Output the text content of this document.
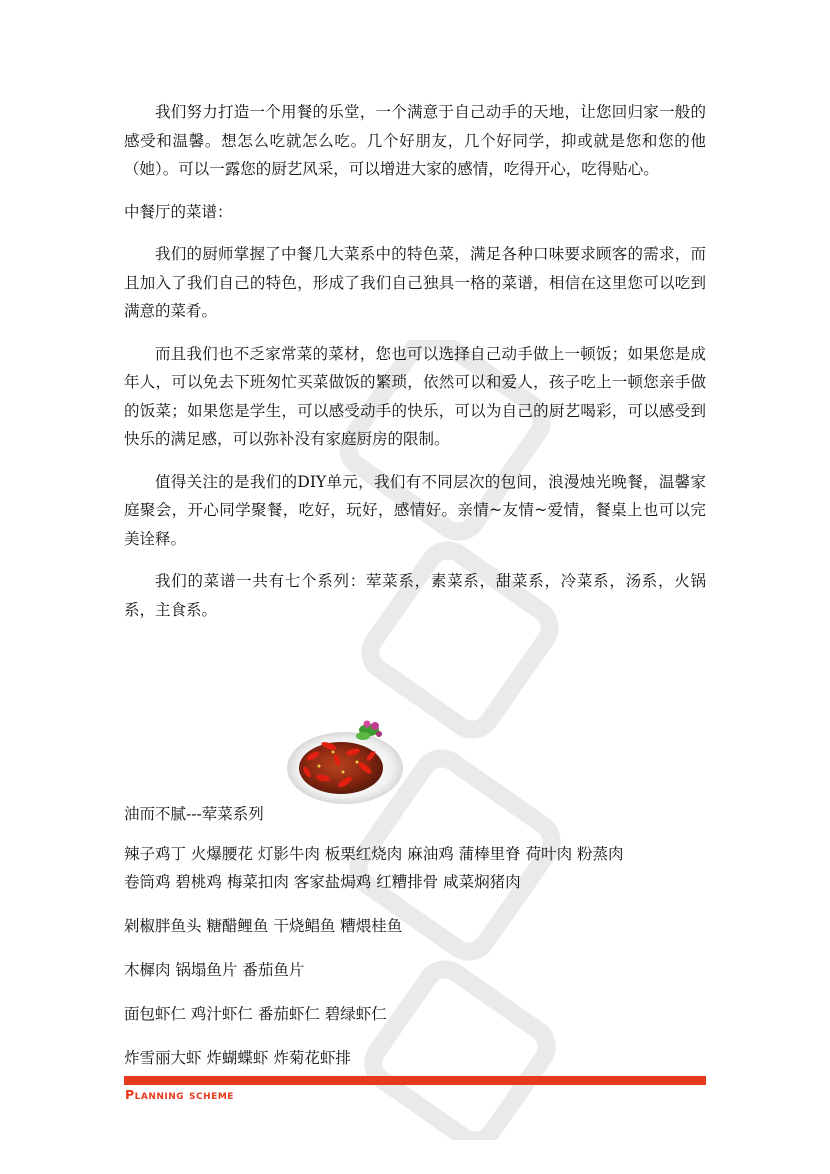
我们努力打造一个用餐的乐堂，一个满意于自己动手的天地，让您回归家一般的感受和温馨。想怎么吃就怎么吃。几个好朋友，几个好同学，抑或就是您和您的他（她）。可以一露您的厨艺风采，可以增进大家的感情，吃得开心，吃得贴心。

中餐厅的菜谱：

我们的厨师掌握了中餐几大菜系中的特色菜，满足各种口味要求顾客的需求，而且加入了我们自己的特色，形成了我们自己独具一格的菜谱，相信在这里您可以吃到满意的菜肴。

而且我们也不乏家常菜的菜材，您也可以选择自己动手做上一顿饭；如果您是成年人，可以免去下班匆忙买菜做饭的繁琐，依然可以和爱人，孩子吃上一顿您亲手做的饭菜；如果您是学生，可以感受动手的快乐，可以为自己的厨艺喝彩，可以感受到快乐的满足感，可以弥补没有家庭厨房的限制。

值得关注的是我们的DIY单元，我们有不同层次的包间，浪漫烛光晚餐，温馨家庭聚会，开心同学聚餐，吃好，玩好，感情好。亲情~友情~爱情，餐桌上也可以完美诠释。

我们的菜谱一共有七个系列：荤菜系，素菜系，甜菜系，冷菜系，汤系，火锅系，主食系。

油而不腻---荤菜系列

辣子鸡丁 火爆腰花 灯影牛肉 板栗红烧肉 麻油鸡 蒲棒里脊 荷叶肉 粉蒸肉

卷筒鸡 碧桃鸡 梅菜扣肉 客家盐焗鸡 红糟排骨 咸菜焖猪肉

剁椒胖鱼头 糖醋鲤鱼 干烧鲳鱼 糟煨桂鱼

木樨肉 锅塌鱼片 番茄鱼片

面包虾仁 鸡汁虾仁 番茄虾仁 碧绿虾仁

炸雪丽大虾 炸蝴蝶虾 炸菊花虾排

Planning scheme
